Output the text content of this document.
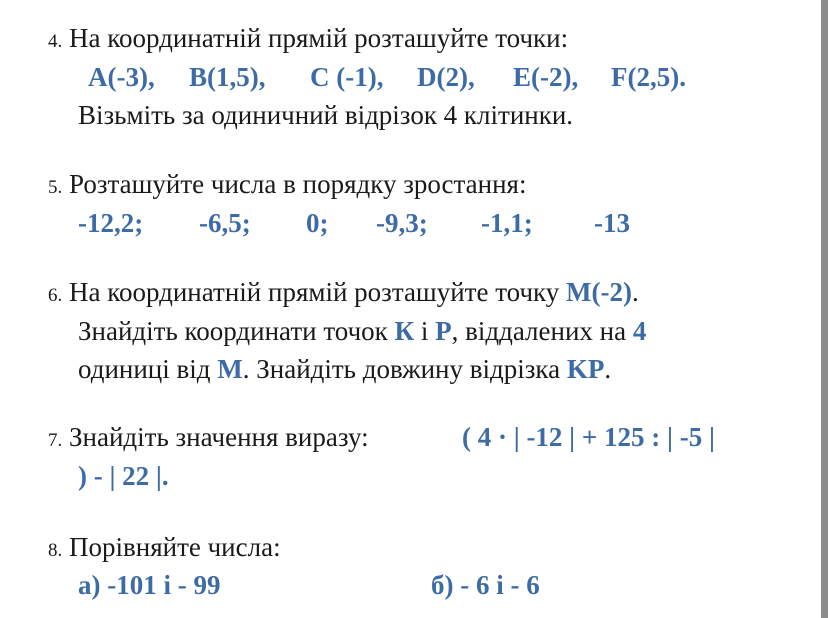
4. На координатній прямій розташуйте точки:
A(-3), B(1,5), C (-1), D(2), E(-2), F(2,5).
Візьміть за одиничний відрізок 4 клітинки.
5. Розташуйте числа в порядку зростання:
-12,2; -6,5; 0; -9,3; -1,1; -13
6. На координатній прямій розташуйте точку M(-2).
Знайдіть координати точок К і P, віддалених на 4
одиниці від M. Знайдіть довжину відрізка KP.
7. Знайдіть значення виразу:	( 4 · | -12 | + 125 : | -5 |
) - | 22 |.
8. Порівняйте числа:
а) -101 і - 99	б) - 6 і - 6
